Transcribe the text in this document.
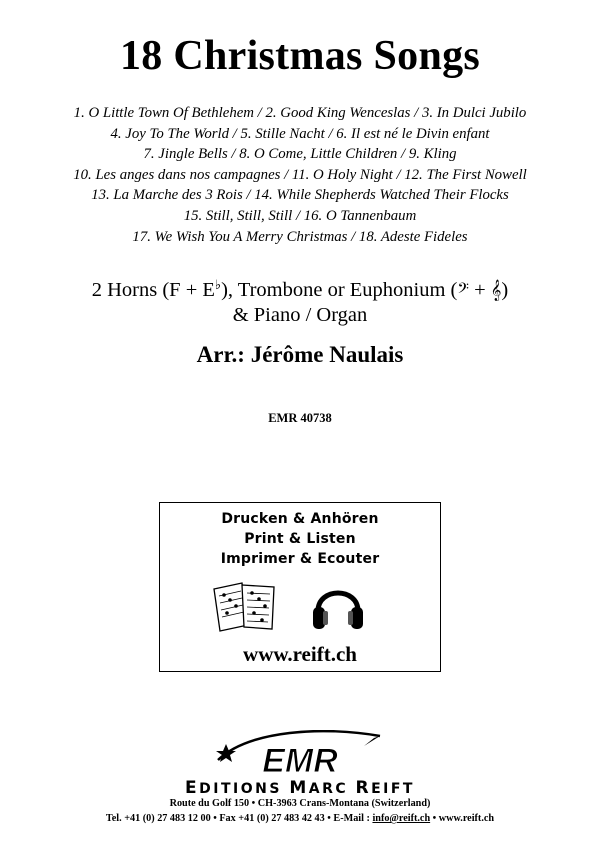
18 Christmas Songs
1. O Little Town Of Bethlehem / 2. Good King Wenceslas / 3. In Dulci Jubilo
4. Joy To The World / 5. Stille Nacht / 6. Il est né le Divin enfant
7. Jingle Bells / 8. O Come, Little Children / 9. Kling
10. Les anges dans nos campagnes / 11. O Holy Night / 12. The First Nowell
13. La Marche des 3 Rois / 14. While Shepherds Watched Their Flocks
15. Still, Still, Still / 16. O Tannenbaum
17. We Wish You A Merry Christmas / 18. Adeste Fideles
2 Horns (F + E♭), Trombone or Euphonium (𝄢 + 𝄞)
& Piano / Organ
Arr.: Jérôme Naulais
EMR 40738
Drucken & Anhören
Print & Listen
Imprimer & Ecouter
www.reift.ch
EMR
EDITIONS MARC REIFT
Route du Golf 150 • CH-3963 Crans-Montana (Switzerland)
Tel. +41 (0) 27 483 12 00 • Fax +41 (0) 27 483 42 43 • E-Mail : info@reift.ch • www.reift.ch
